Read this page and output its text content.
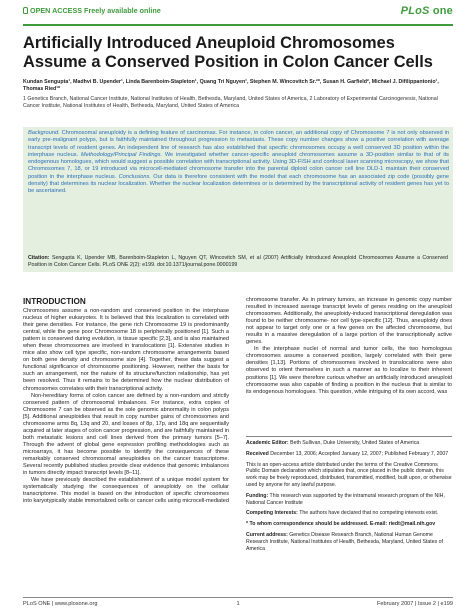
OPEN ACCESS Freely available online	PLoS one
Artificially Introduced Aneuploid Chromosomes Assume a Conserved Position in Colon Cancer Cells
Kundan Sengupta¹, Madhvi B. Upender¹, Linda Barenboim-Stapleton¹, Quang Tri Nguyen¹, Stephen M. Wincovitch Sr.²*, Susan H. Garfield², Michael J. Difilippantonio¹, Thomas Ried¹*
1 Genetics Branch, National Cancer Institute, National Institutes of Health, Bethesda, Maryland, United States of America, 2 Laboratory of Experimental Carcinogenesis, National Cancer Institute, National Institutes of Health, Bethesda, Maryland, United States of America
Background. Chromosomal aneuploidy is a defining feature of carcinomas. For instance, in colon cancer, an additional copy of Chromosome 7 is not only observed in early pre-malignant polyps, but is faithfully maintained throughout progression to metastasis. These copy number changes show a positive correlation with average transcript levels of resident genes. An independent line of research has also established that specific chromosomes occupy a well conserved 3D position within the interphase nucleus. Methodology/Principal Findings. We investigated whether cancer-specific aneuploid chromosomes assume a 3D-position similar to that of its endogenous homologues, which would suggest a possible correlation with transcriptional activity. Using 3D-FISH and confocal laser scanning microscopy, we show that Chromosomes 7, 18, or 19 introduced via microcell-mediated chromosome transfer into the parental diploid colon cancer cell line DLD-1 maintain their conserved position in the interphase nucleus. Conclusions. Our data is therefore consistent with the model that each chromosome has an associated zip code (possibly gene density) that determines its nuclear localization. Whether the nuclear localization determines or is determined by the transcriptional activity of resident genes has yet to be ascertained.
Citation: Sengupta K, Upender MB, Barenboim-Stapleton L, Nguyen QT, Wincovitch SM, et al (2007) Artificially Introduced Aneuploid Chromosomes Assume a Conserved Position in Colon Cancer Cells. PLoS ONE 2(2): e199. doi:10.1371/journal.pone.0000199
INTRODUCTION

Chromosomes assume a non-random and conserved position in the interphase nucleus of higher eukaryotes. It is believed that this localization is correlated with their gene densities. For instance, the gene rich Chromosome 19 is predominantly central, while the gene poor Chromosome 18 is peripherally positioned [1]. Such a pattern is conserved during evolution, is tissue specific [2,3], and is also maintained when these chromosomes are involved in translocations [1]. Extensive studies in mice also show cell type specific, non-random chromosome arrangements based on both gene density and chromosome size [4]. Together, these data suggest a functional significance of chromosome positioning. However, neither the basis for such an arrangement, nor the nature of its structure/function relationship, has yet been resolved. Thus it remains to be determined how the nuclear distribution of chromosomes correlates with their transcriptional activity.

Non-hereditary forms of colon cancer are defined by a non-random and strictly conserved pattern of chromosomal imbalances. For instance, extra copies of Chromosome 7 can be observed as the sole genomic abnormality in colon polyps [5]. Additional aneuploidies that result in copy number gains of chromosomes and chromosome arms 8q, 13q and 20, and losses of 8p, 17p, and 18q are sequentially acquired at later stages of colon cancer progression, and are faithfully maintained in both metastatic lesions and cell lines derived from the primary tumors [5–7]. Through the advent of global gene expression profiling methodologies such as microarrays, it has become possible to identify the consequences of these remarkably conserved chromosomal aneuploidies on the cancer transcriptome. Several recently published studies provide clear evidence that genomic imbalances in tumors directly impact transcript levels [8–11].

We have previously described the establishment of a unique model system for systematically studying the consequences of aneuploidy on the cellular transcriptome. This model is based on the introduction of specific chromosomes into karyotypically stable immortalized cells or cancer cells using microcell-mediated

chromosome transfer. As in primary tumors, an increase in genomic copy number resulted in increased average transcript levels of genes residing on the aneuploid chromosomes. Additionally, the aneuploidy-induced transcriptional deregulation was found to be neither chromosome- nor cell type-specific [12]. Thus, aneuploidy does not appear to target only one or a few genes on the affected chromosome, but results in a massive deregulation of a large portion of the transcriptionally active genes.

In the interphase nuclei of normal and tumor cells, the two homologous chromosomes assume a conserved position, largely correlated with their gene densities [1,13]. Portions of chromosomes involved in translocations were also observed to orient themselves in such a manner as to localize to their inherent positions [1]. We were therefore curious whether an artificially introduced aneuploid chromosome was also capable of finding a position in the nucleus that is similar to its endogenous homologues. This question, while intriguing of its own accord, was

Academic Editor: Beth Sullivan, Duke University, United States of America
Received December 13, 2006; Accepted January 12, 2007; Published February 7, 2007
This is an open-access article distributed under the terms of the Creative Commons Public Domain declaration which stipulates that, once placed in the public domain, this work may be freely reproduced, distributed, transmitted, modified, built upon, or otherwise used by anyone for any lawful purpose.
Funding: This research was supported by the intramural research program of the NIH, National Cancer Institute
Competing Interests: The authors have declared that no competing interests exist.
* To whom correspondence should be addressed. E-mail: riedt@mail.nih.gov
Current address: Genetics Disease Research Branch, National Human Genome Research Institute, National Institutes of Health, Bethesda, Maryland, United States of America
PLoS ONE | www.plosone.org	1	February 2007 | Issue 2 | e199
